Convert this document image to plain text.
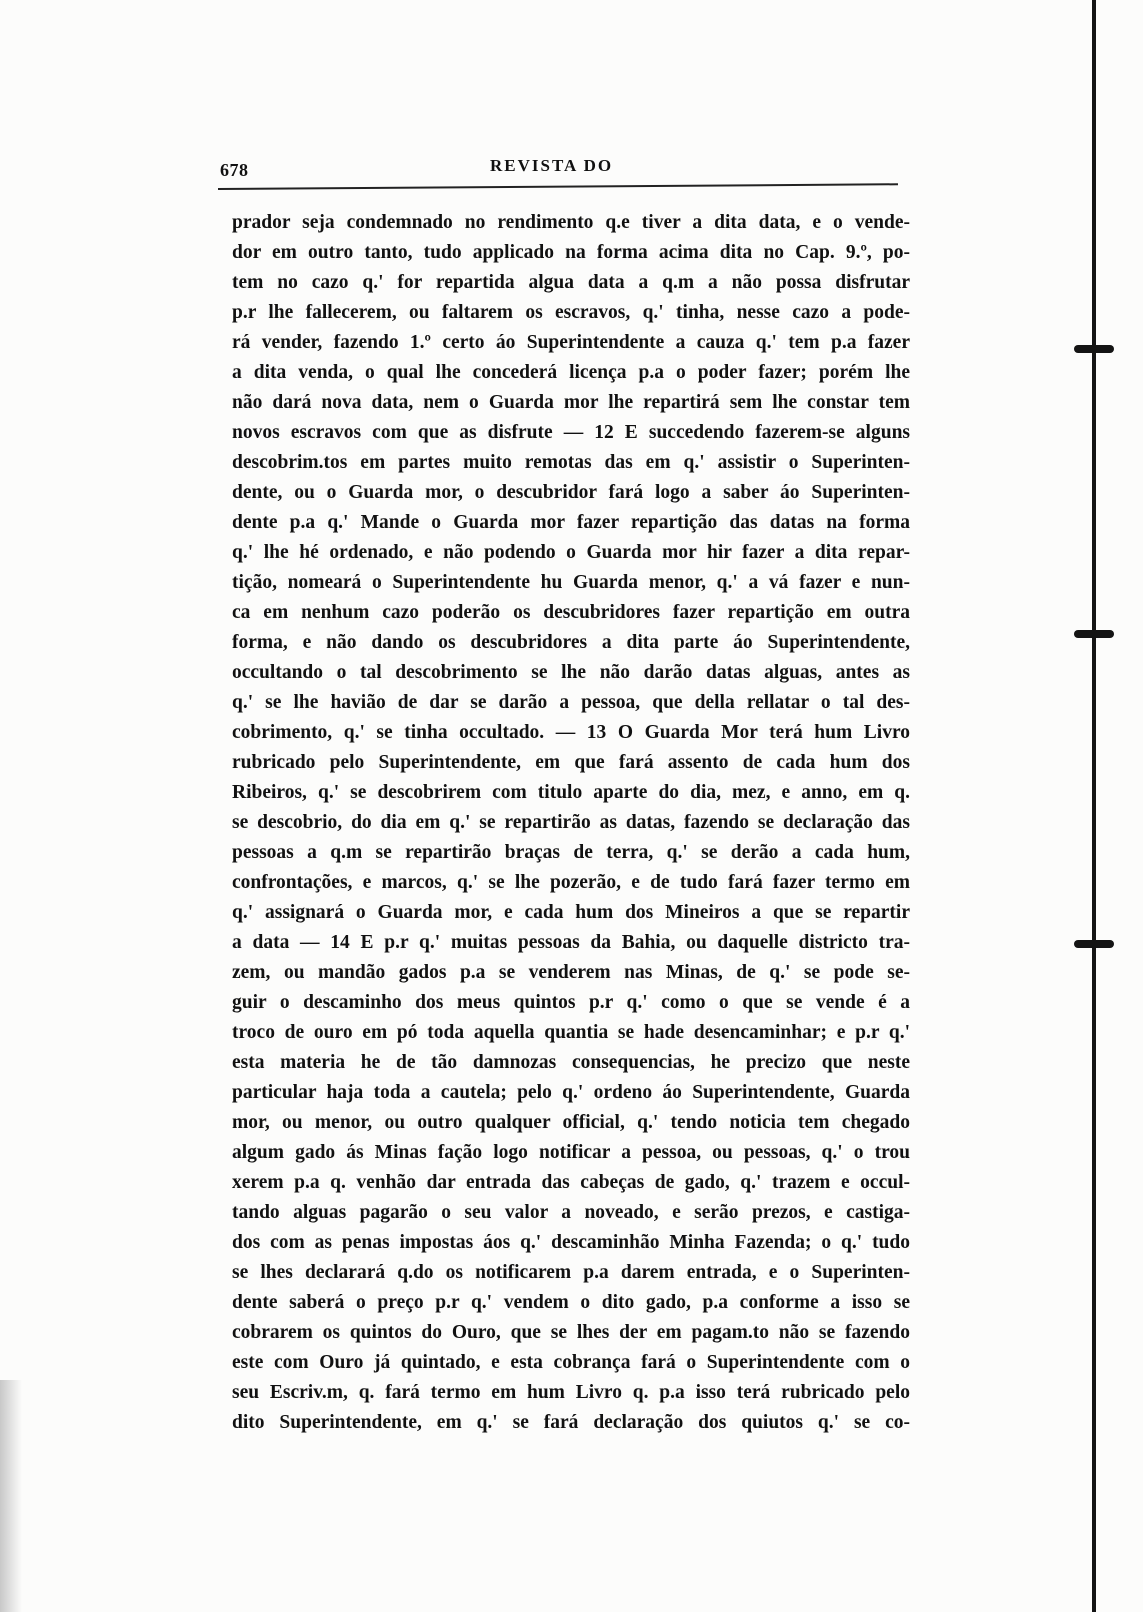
678	REVISTA DO
prador seja condemnado no rendimento q.e tiver a dita data, e o vende-
dor em outro tanto, tudo applicado na forma acima dita no Cap. 9.º, po-
tem no cazo q.' for repartida algua data a q.m a não possa disfrutar
p.r lhe fallecerem, ou faltarem os escravos, q.' tinha, nesse cazo a pode-
rá vender, fazendo 1.º certo áo Superintendente a cauza q.' tem p.a fazer
a dita venda, o qual lhe concederá licença p.a o poder fazer; porém lhe
não dará nova data, nem o Guarda mor lhe repartirá sem lhe constar tem
novos escravos com que as disfrute — 12 E succedendo fazerem-se alguns
descobrim.tos em partes muito remotas das em q.' assistir o Superinten-
dente, ou o Guarda mor, o descubridor fará logo a saber áo Superinten-
dente p.a q.' Mande o Guarda mor fazer repartição das datas na forma
q.' lhe hé ordenado, e não podendo o Guarda mor hir fazer a dita repar-
tição, nomeará o Superintendente hu Guarda menor, q.' a vá fazer e nun-
ca em nenhum cazo poderão os descubridores fazer repartição em outra
forma, e não dando os descubridores a dita parte áo Superintendente,
occultando o tal descobrimento se lhe não darão datas alguas, antes as
q.' se lhe havião de dar se darão a pessoa, que della rellatar o tal des-
cobrimento, q.' se tinha occultado. — 13 O Guarda Mor terá hum Livro
rubricado pelo Superintendente, em que fará assento de cada hum dos
Ribeiros, q.' se descobrirem com titulo aparte do dia, mez, e anno, em q.
se descobrio, do dia em q.' se repartirão as datas, fazendo se declaração das
pessoas a q.m se repartirão braças de terra, q.' se derão a cada hum,
confrontações, e marcos, q.' se lhe pozerão, e de tudo fará fazer termo em
q.' assignará o Guarda mor, e cada hum dos Mineiros a que se repartir
a data — 14 E p.r q.' muitas pessoas da Bahia, ou daquelle districto tra-
zem, ou mandão gados p.a se venderem nas Minas, de q.' se pode se-
guir o descaminho dos meus quintos p.r q.' como o que se vende é a
troco de ouro em pó toda aquella quantia se hade desencaminhar; e p.r q.'
esta materia he de tão damnozas consequencias, he precizo que neste
particular haja toda a cautela; pelo q.' ordeno áo Superintendente, Guarda
mor, ou menor, ou outro qualquer official, q.' tendo noticia tem chegado
algum gado ás Minas fação logo notificar a pessoa, ou pessoas, q.' o trou
xerem p.a q. venhão dar entrada das cabeças de gado, q.' trazem e occul-
tando alguas pagarão o seu valor a noveado, e serão prezos, e castiga-
dos com as penas impostas áos q.' descaminhão Minha Fazenda; o q.' tudo
se lhes declarará q.do os notificarem p.a darem entrada, e o Superinten-
dente saberá o preço p.r q.' vendem o dito gado, p.a conforme a isso se
cobrarem os quintos do Ouro, que se lhes der em pagam.to não se fazendo
este com Ouro já quintado, e esta cobrança fará o Superintendente com o
seu Escriv.m, q. fará termo em hum Livro q. p.a isso terá rubricado pelo
dito Superintendente, em q.' se fará declaração dos quiutos q.' se co-
